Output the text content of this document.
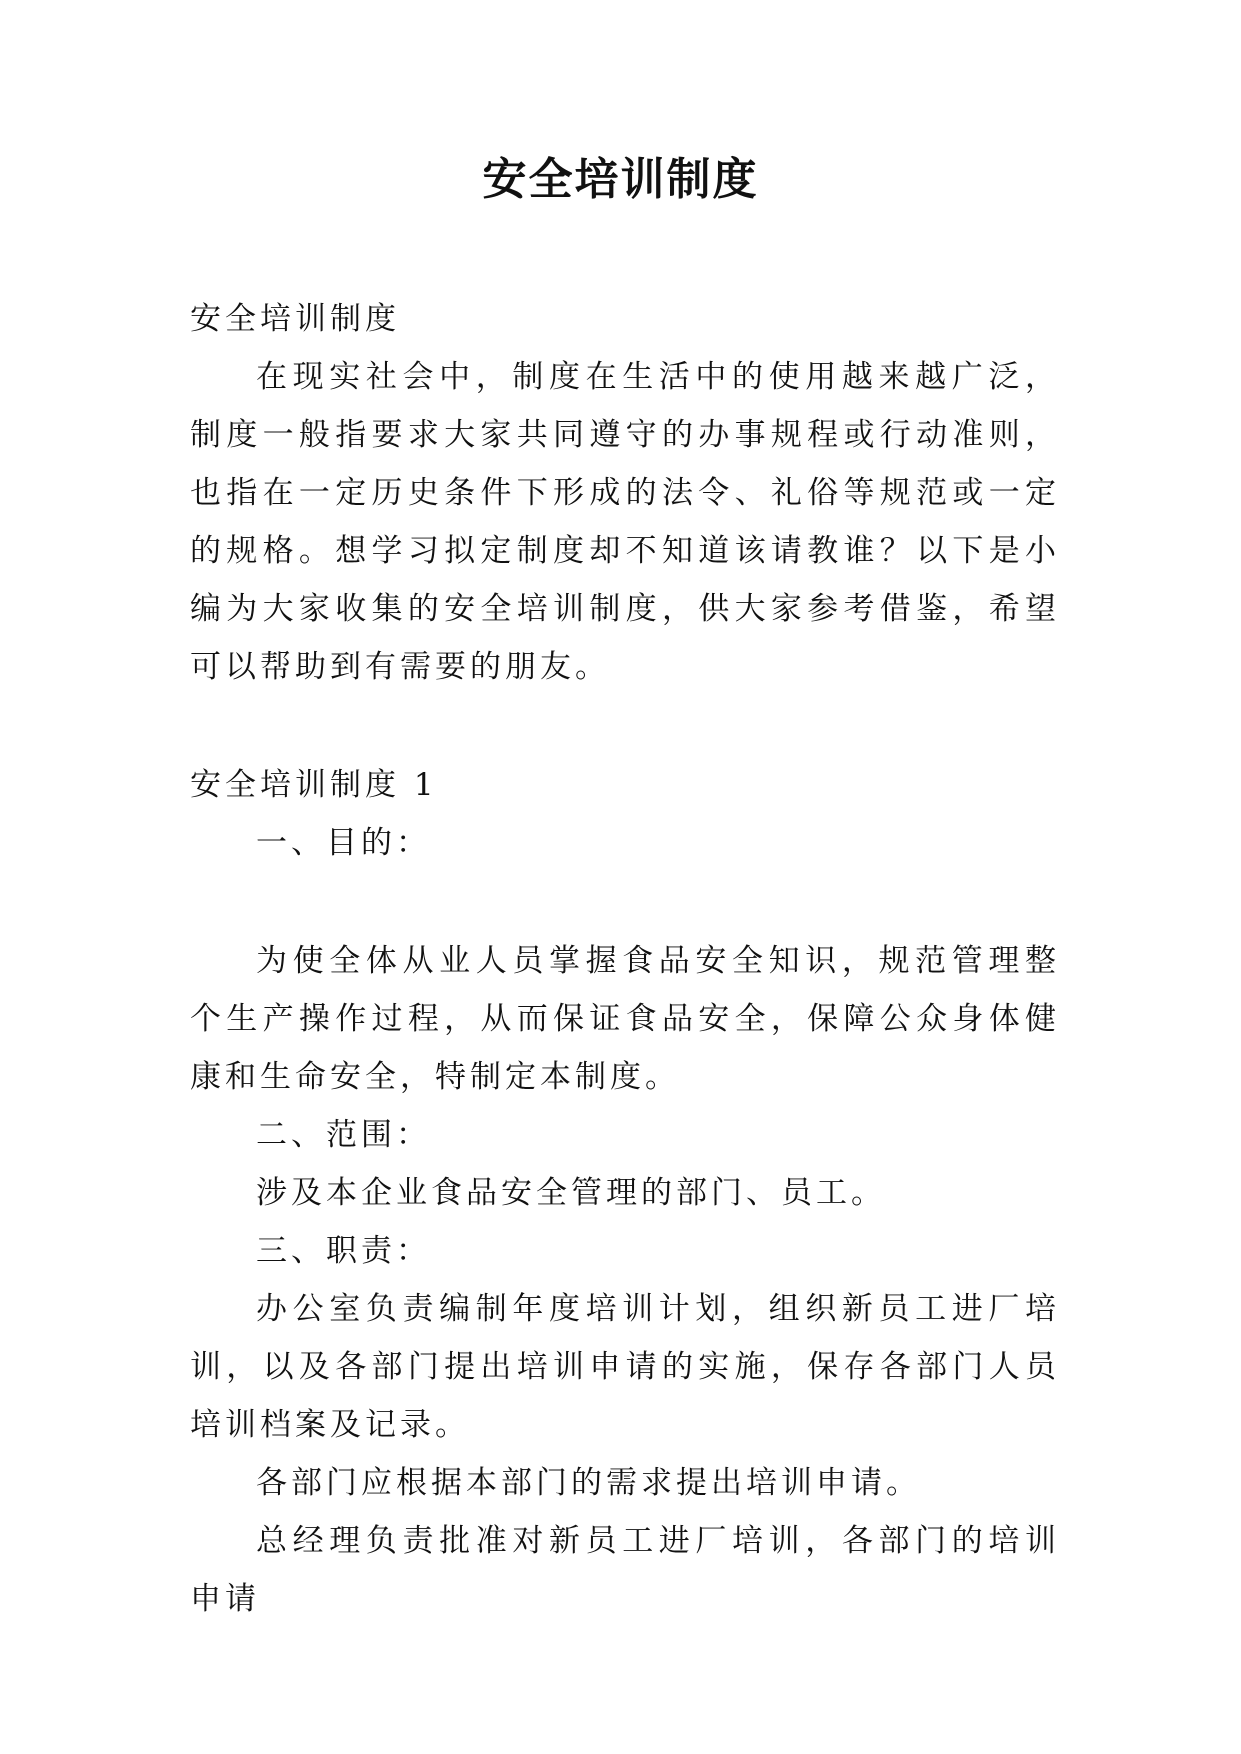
安全培训制度

安全培训制度

在现实社会中，制度在生活中的使用越来越广泛，制度一般指要求大家共同遵守的办事规程或行动准则，也指在一定历史条件下形成的法令、礼俗等规范或一定的规格。想学习拟定制度却不知道该请教谁？以下是小编为大家收集的安全培训制度，供大家参考借鉴，希望可以帮助到有需要的朋友。

安全培训制度 1

一、目的：

为使全体从业人员掌握食品安全知识，规范管理整个生产操作过程，从而保证食品安全，保障公众身体健康和生命安全，特制定本制度。

二、范围：

涉及本企业食品安全管理的部门、员工。

三、职责：

办公室负责编制年度培训计划，组织新员工进厂培训，以及各部门提出培训申请的实施，保存各部门人员培训档案及记录。

各部门应根据本部门的需求提出培训申请。

总经理负责批准对新员工进厂培训，各部门的培训申请
